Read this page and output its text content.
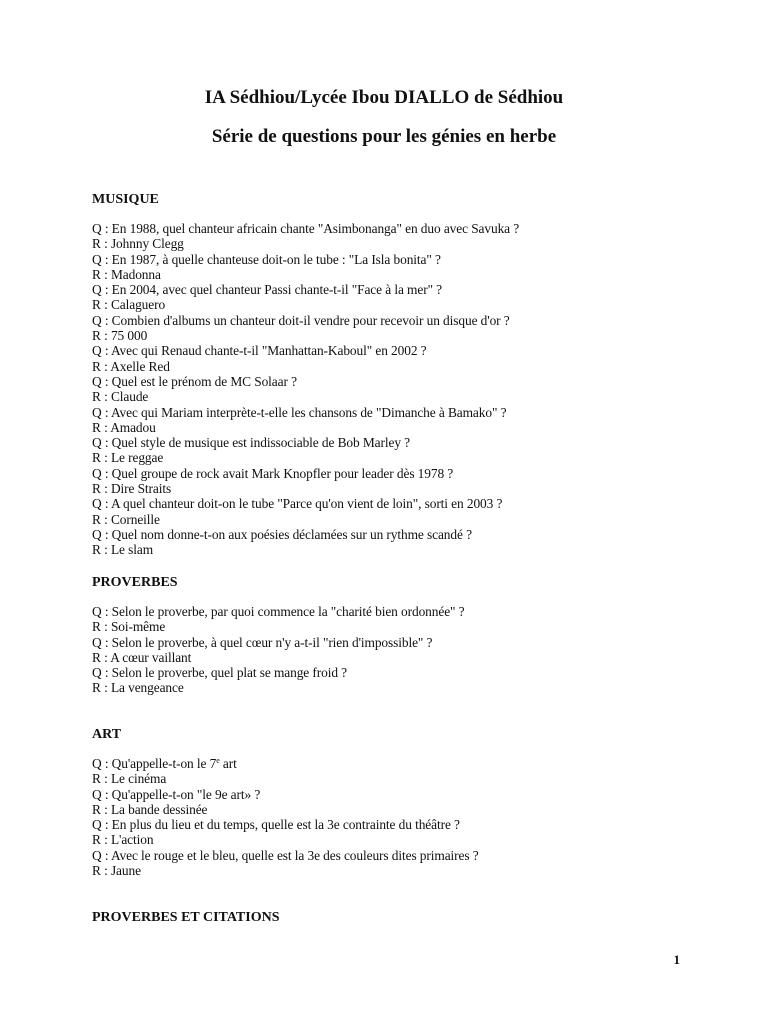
IA Sédhiou/Lycée Ibou DIALLO de Sédhiou
Série de questions pour les génies en herbe
MUSIQUE

Q : En 1988, quel chanteur africain chante "Asimbonanga" en duo avec Savuka ?

R : Johnny Clegg

Q : En 1987, à quelle chanteuse doit-on le tube : "La Isla bonita" ?

R : Madonna

Q : En 2004, avec quel chanteur Passi chante-t-il "Face à la mer" ?

R : Calaguero

Q : Combien d'albums un chanteur doit-il vendre pour recevoir un disque d'or ?

R : 75 000

Q : Avec qui Renaud chante-t-il "Manhattan-Kaboul" en 2002 ?

R : Axelle Red

Q : Quel est le prénom de MC Solaar ?

R : Claude

Q : Avec qui Mariam interprète-t-elle les chansons de "Dimanche à Bamako" ?

R : Amadou

Q : Quel style de musique est indissociable de Bob Marley ?

R : Le reggae

Q : Quel groupe de rock avait Mark Knopfler pour leader dès 1978 ?

R : Dire Straits

Q : A quel chanteur doit-on le tube "Parce qu'on vient de loin", sorti en 2003 ?

R : Corneille

Q : Quel nom donne-t-on aux poésies déclamées sur un rythme scandé ?

R : Le slam

PROVERBES

Q : Selon le proverbe, par quoi commence la "charité bien ordonnée" ?

R : Soi-même

Q : Selon le proverbe, à quel cœur n'y a-t-il "rien d'impossible" ?

R : A cœur vaillant

Q : Selon le proverbe, quel plat se mange froid ?

R : La vengeance

ART

Q : Qu'appelle-t-on le 7e art

R : Le cinéma

Q : Qu'appelle-t-on "le 9e art» ?

R : La bande dessinée

Q : En plus du lieu et du temps, quelle est la 3e contrainte du théâtre ?

R : L'action

Q : Avec le rouge et le bleu, quelle est la 3e des couleurs dites primaires ?

R : Jaune

PROVERBES ET CITATIONS
1
